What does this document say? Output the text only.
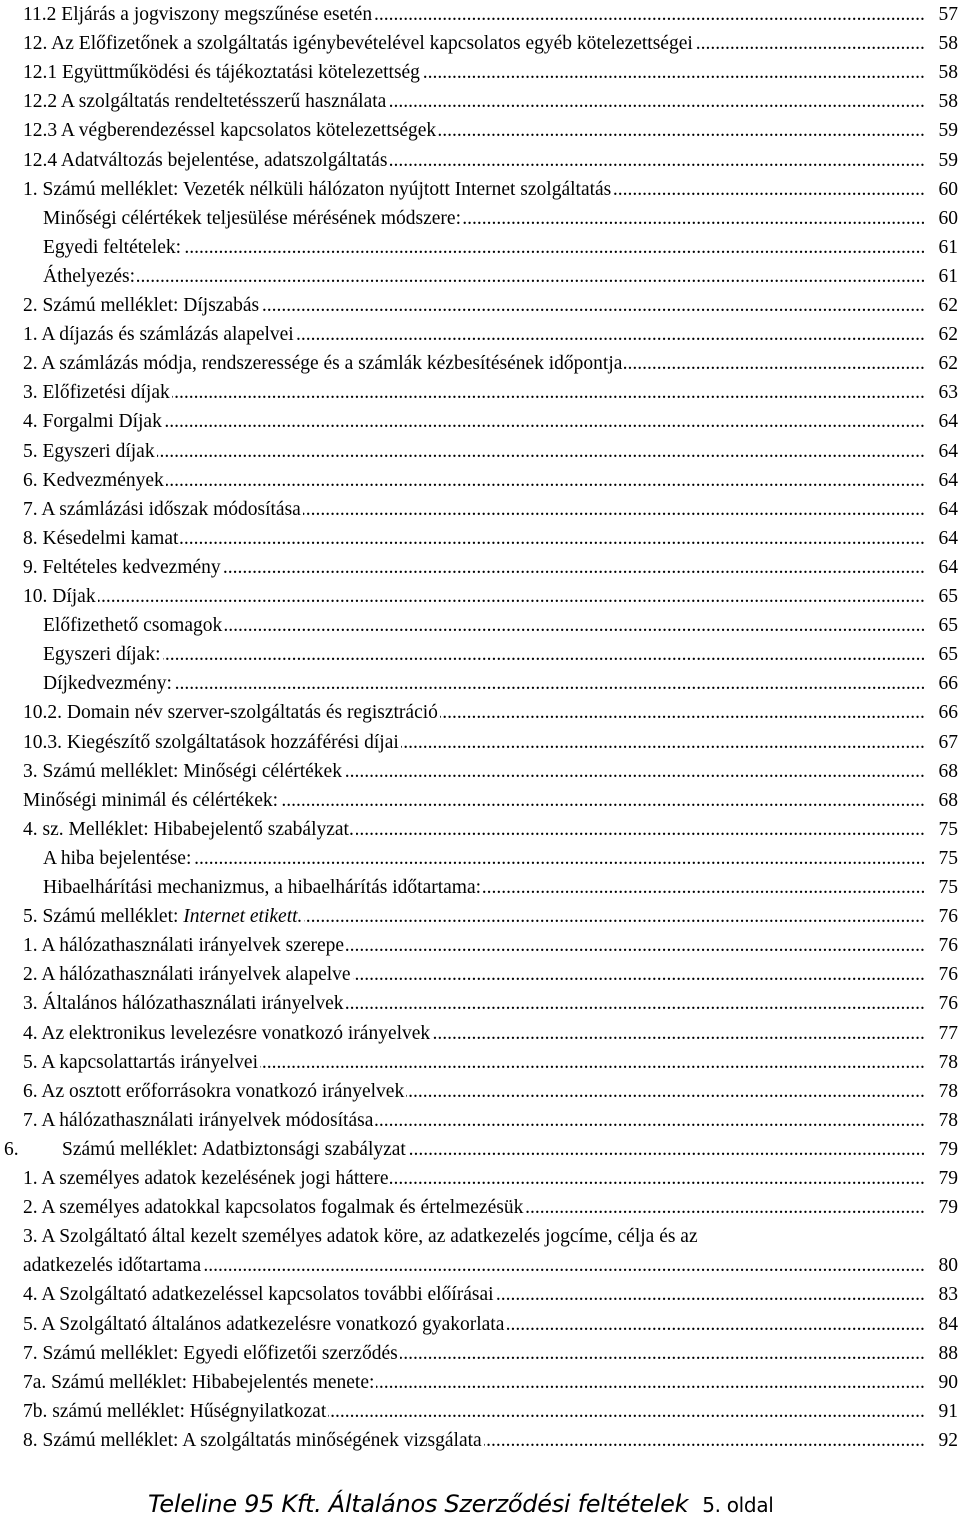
.....
11.2 Eljárás a jogviszony megszűnése esetén	57
.....
12. Az Előfizetőnek a szolgáltatás igénybevételével kapcsolatos egyéb kötelezettségei	58
.....
12.1 Együttműködési és tájékoztatási kötelezettség	58
.....
12.2 A szolgáltatás rendeltetésszerű használata	58
.....
12.3 A végberendezéssel kapcsolatos kötelezettségek	59
.....
12.4 Adatváltozás bejelentése, adatszolgáltatás	59
.....
1. Számú melléklet: Vezeték nélküli hálózaton nyújtott Internet szolgáltatás	60
.....
Minőségi célértékek teljesülése mérésének módszere:	60
.....
Egyedi feltételek:	61
.....
Áthelyezés:	61
.....
2. Számú melléklet: Díjszabás	62
.....
1. A díjazás és számlázás alapelvei	62
.....
2. A számlázás módja, rendszeressége és a számlák kézbesítésének időpontja	62
.....
3. Előfizetési díjak	63
.....
4. Forgalmi Díjak	64
.....
5. Egyszeri díjak	64
.....
6. Kedvezmények	64
.....
7. A számlázási időszak módosítása	64
.....
8. Késedelmi kamat	64
.....
9. Feltételes kedvezmény	64
.....
10. Díjak	65
.....
Előfizethető csomagok	65
.....
Egyszeri díjak:	65
.....
Díjkedvezmény:	66
.....
10.2. Domain név szerver-szolgáltatás és regisztráció	66
.....
10.3. Kiegészítő szolgáltatások hozzáférési díjai	67
.....
3. Számú melléklet: Minőségi célértékek	68
.....
Minőségi minimál és célértékek:	68
.....
4. sz. Melléklet: Hibabejelentő szabályzat.	75
.....
A hiba bejelentése:	75
.....
Hibaelhárítási mechanizmus, a hibaelhárítás időtartama:	75
.....
5. Számú melléklet: Internet etikett.	76
.....
1. A hálózathasználati irányelvek szerepe	76
.....
2. A hálózathasználati irányelvek alapelve	76
.....
3. Általános hálózathasználati irányelvek	76
.....
4. Az elektronikus levelezésre vonatkozó irányelvek	77
.....
5. A kapcsolattartás irányelvei	78
.....
6. Az osztott erőforrásokra vonatkozó irányelvek	78
.....
7. A hálózathasználati irányelvek módosítása	78
.....
6. Számú melléklet: Adatbiztonsági szabályzat	79
.....
1. A személyes adatok kezelésének jogi háttere	79
.....
2. A személyes adatokkal kapcsolatos fogalmak és értelmezésük	79
3. A Szolgáltató által kezelt személyes adatok köre, az adatkezelés jogcíme, célja és az
.....
adatkezelés időtartama	80
.....
4. A Szolgáltató adatkezeléssel kapcsolatos további előírásai	83
.....
5. A Szolgáltató általános adatkezelésre vonatkozó gyakorlata	84
.....
7. Számú melléklet: Egyedi előfizetői szerződés	88
.....
7a. Számú melléklet: Hibabejelentés menete:	90
.....
7b. számú melléklet: Hűségnyilatkozat	91
.....
8. Számú melléklet: A szolgáltatás minőségének vizsgálata	92
Teleline 95 Kft. Általános Szerződési feltételek 5. oldal
